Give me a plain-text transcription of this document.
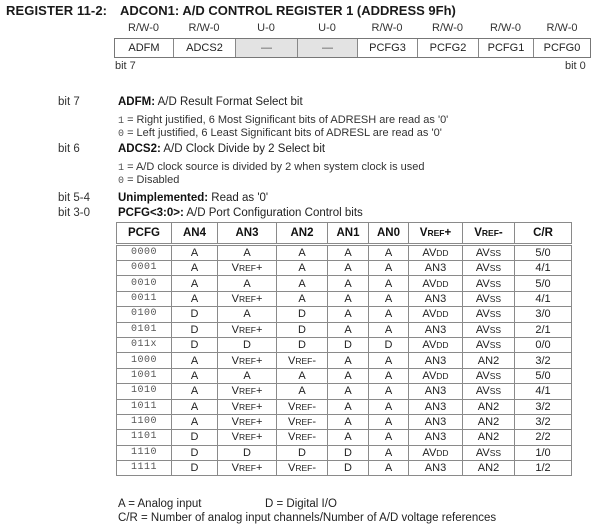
REGISTER 11-2: ADCON1: A/D CONTROL REGISTER 1 (ADDRESS 9Fh)
R/W-0	R/W-0	U-0	U-0	R/W-0	R/W-0	R/W-0	R/W-0
ADFM	ADCS2	—	—	PCFG3	PCFG2	PCFG1	PCFG0
bit 7	bit 0
bit 7	ADFM: A/D Result Format Select bit
1 = Right justified, 6 Most Significant bits of ADRESH are read as '0'
0 = Left justified, 6 Least Significant bits of ADRESL are read as '0'
bit 6	ADCS2: A/D Clock Divide by 2 Select bit
1 = A/D clock source is divided by 2 when system clock is used
0 = Disabled
bit 5-4 Unimplemented: Read as '0'
bit 3-0 PCFG<3:0>: A/D Port Configuration Control bits
PCFG	AN4	AN3	AN2	AN1	AN0	VREF+	VREF-	C/R
0000	A	A	A	A	A	AVDD	AVSS	5/0
0001	A	VREF+	A	A	A	AN3	AVSS	4/1
0010	A	A	A	A	A	AVDD	AVSS	5/0
0011	A	VREF+	A	A	A	AN3	AVSS	4/1
0100	D	A	D	A	A	AVDD	AVSS	3/0
0101	D	VREF+	D	A	A	AN3	AVSS	2/1
011x	D	D	D	D	D	AVDD	AVSS	0/0
1000	A	VREF+	VREF-	A	A	AN3	AN2	3/2
1001	A	A	A	A	A	AVDD	AVSS	5/0
1010	A	VREF+	A	A	A	AN3	AVSS	4/1
1011	A	VREF+	VREF-	A	A	AN3	AN2	3/2
1100	A	VREF+	VREF-	A	A	AN3	AN2	3/2
1101	D	VREF+	VREF-	A	A	AN3	AN2	2/2
1110	D	D	D	D	A	AVDD	AVSS	1/0
1111	D	VREF+	VREF-	D	A	AN3	AN2	1/2
A = Analog input	D = Digital I/O
C/R = Number of analog input channels/Number of A/D voltage references
